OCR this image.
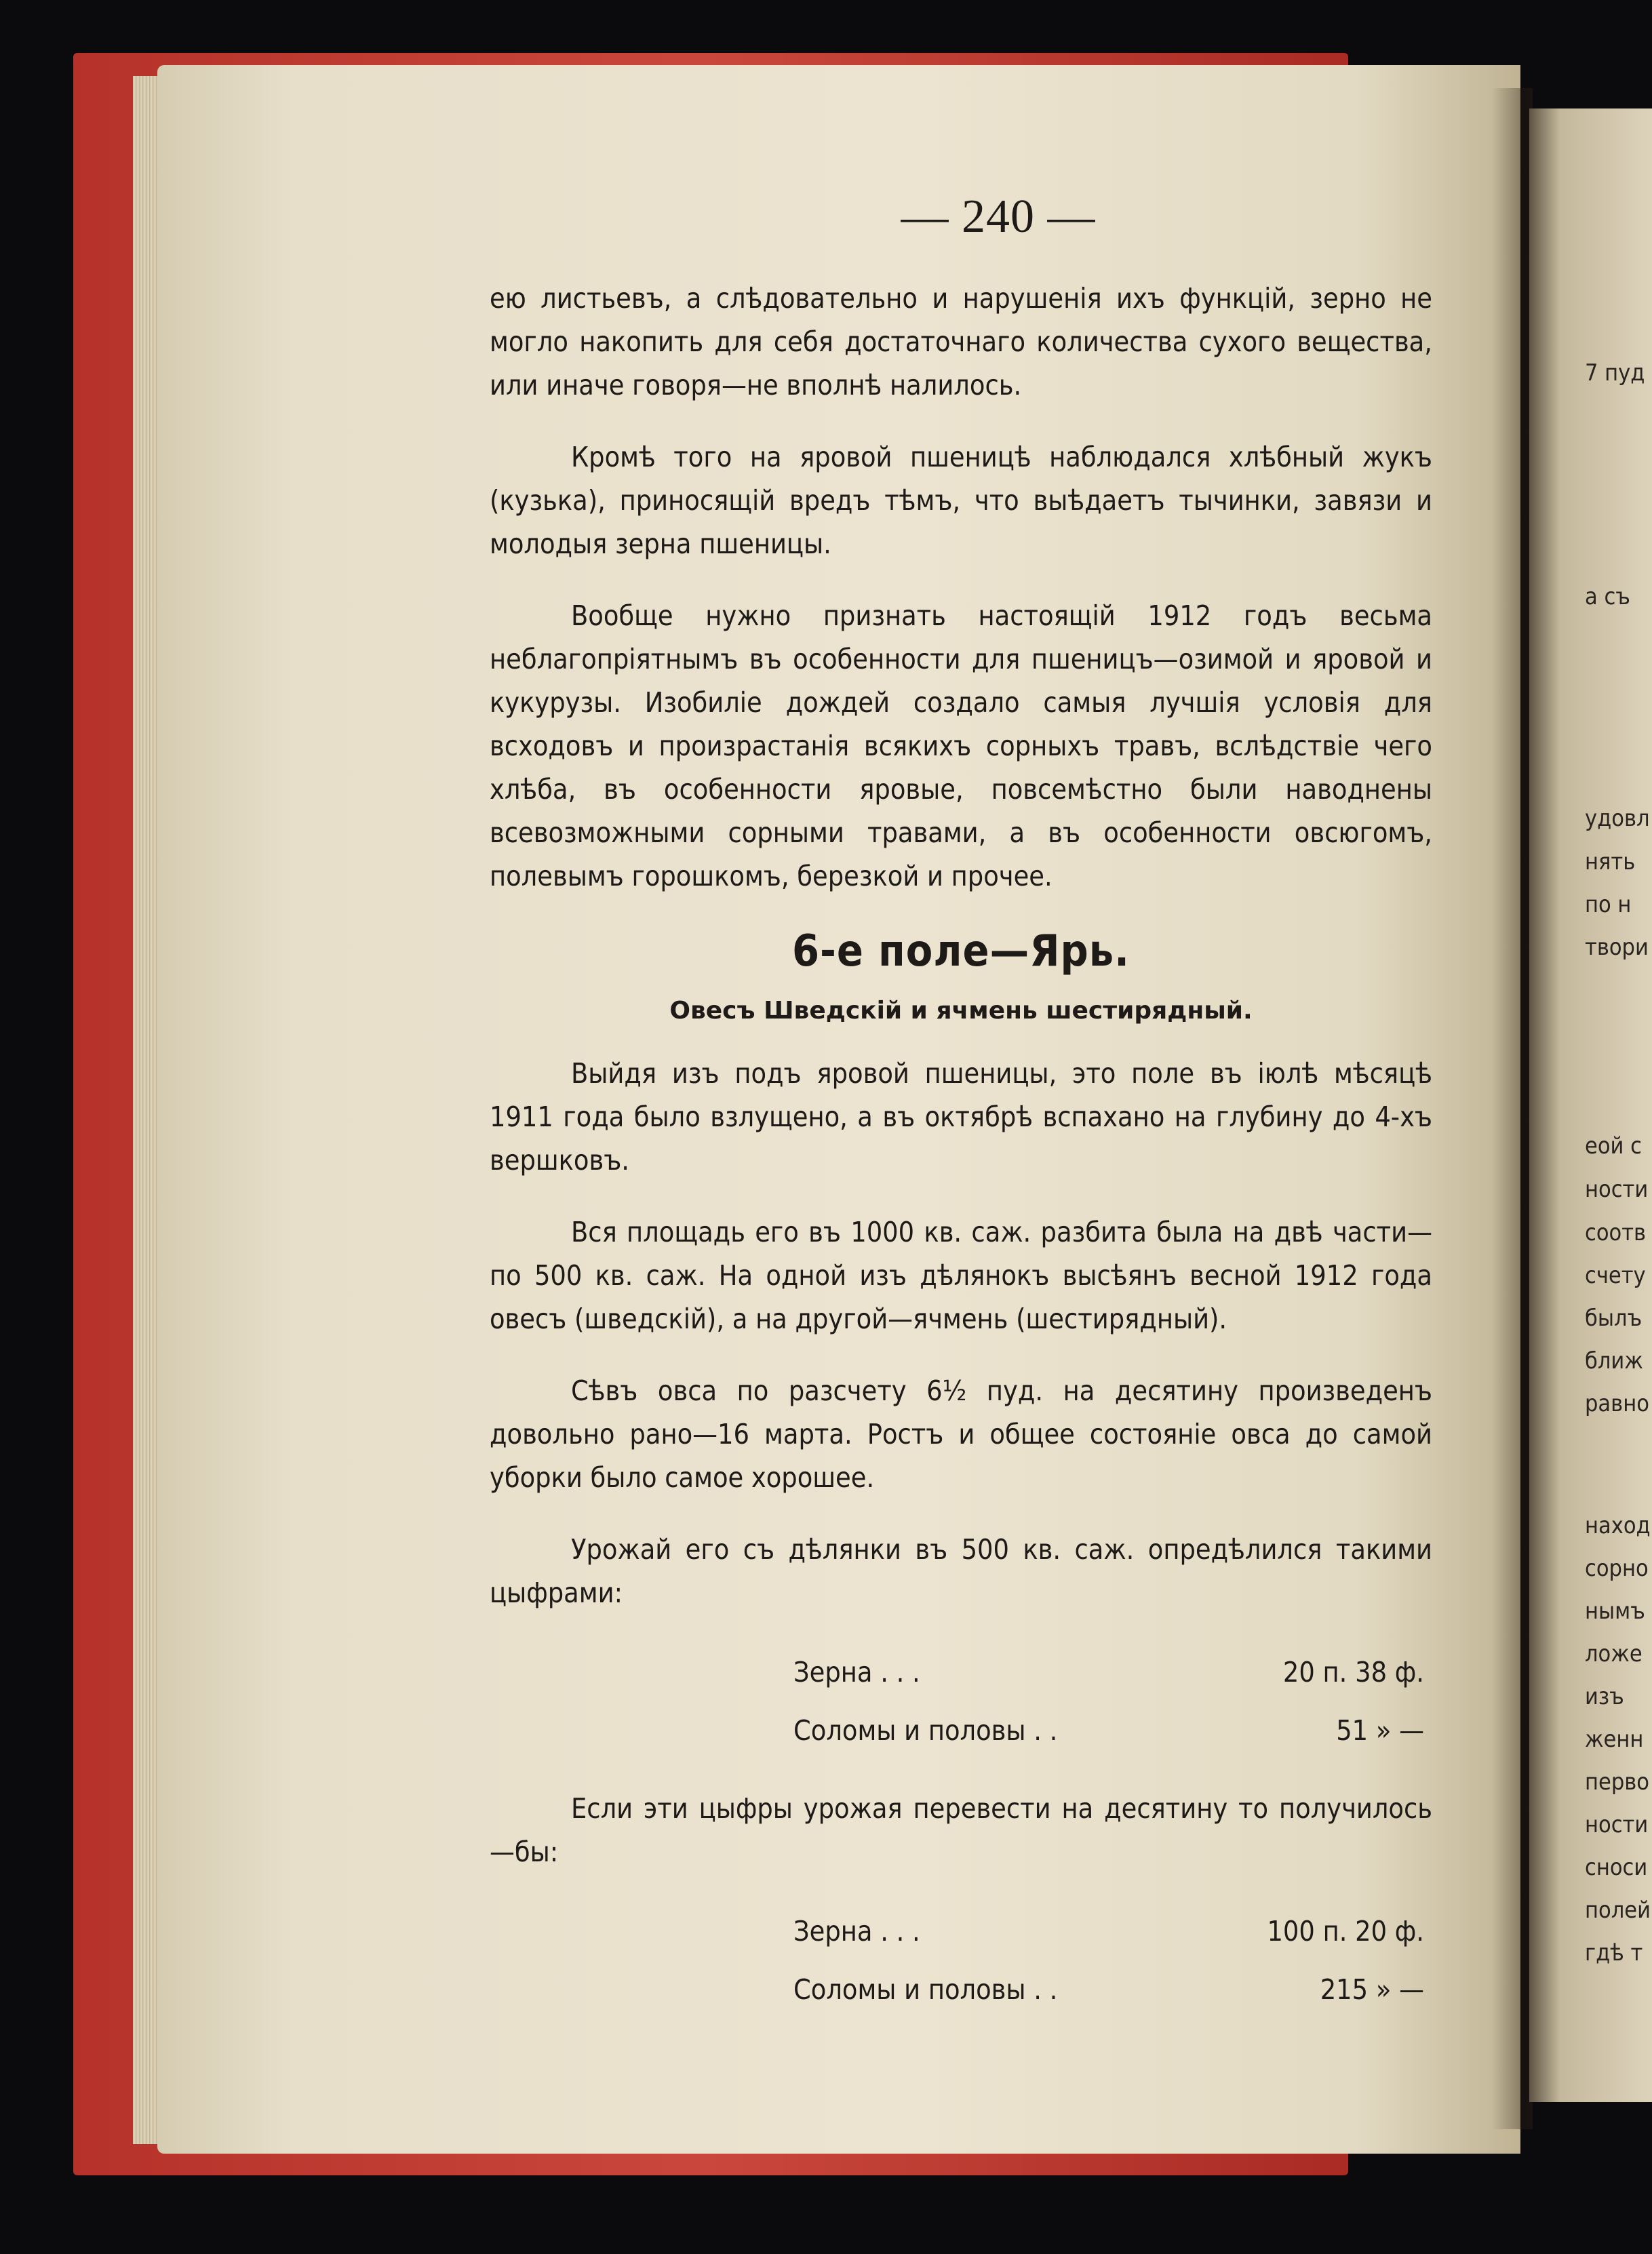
7 пуд
а съ
удовл
нять
по н
твори
еой с
ности
соотв
счету
былъ
ближ
равно
наход
сорно
нымъ
ложе
изъ
женн
перво
ности
сноси
полей
гдѣ т
— 240 —

ею листьевъ, а слѣдовательно и нарушенія ихъ функцій, зерно не могло накопить для себя достаточнаго количества сухого вещества, или иначе говоря—не вполнѣ налилось.

Кромѣ того на яровой пшеницѣ наблюдался хлѣбный жукъ (кузька), приносящій вредъ тѣмъ, что выѣдаетъ тычинки, завязи и молодыя зерна пшеницы.

Вообще нужно признать настоящій 1912 годъ весьма неблагопріятнымъ въ особенности для пшеницъ—озимой и яровой и кукурузы. Изобиліе дождей создало самыя лучшія условія для всходовъ и произрастанія всякихъ сорныхъ травъ, вслѣдствіе чего хлѣба, въ особенности яровые, повсемѣстно были наводнены всевозможными сорными травами, а въ особенности овсюгомъ, полевымъ горошкомъ, березкой и прочее.

6-е поле—Ярь.
Овесъ Шведскій и ячмень шестирядный.

Выйдя изъ подъ яровой пшеницы, это поле въ іюлѣ мѣсяцѣ 1911 года было взлущено, а въ октябрѣ вспахано на глубину до 4-хъ вершковъ.

Вся площадь его въ 1000 кв. саж. разбита была на двѣ части—по 500 кв. саж. На одной изъ дѣлянокъ высѣянъ весной 1912 года овесъ (шведскій), а на другой—ячмень (шестирядный).

Сѣвъ овса по разсчету 6½ пуд. на десятину произведенъ довольно рано—16 марта. Ростъ и общее состояніе овса до самой уборки было самое хорошее.

Урожай его съ дѣлянки въ 500 кв. саж. опредѣлился такими цыфрами:

Зерна . . .	20 п. 38 ф.
Соломы и половы . .	51 » —

Если эти цыфры урожая перевести на десятину то получилось—бы:

Зерна . . .	100 п. 20 ф.
Соломы и половы . .	215 » —
